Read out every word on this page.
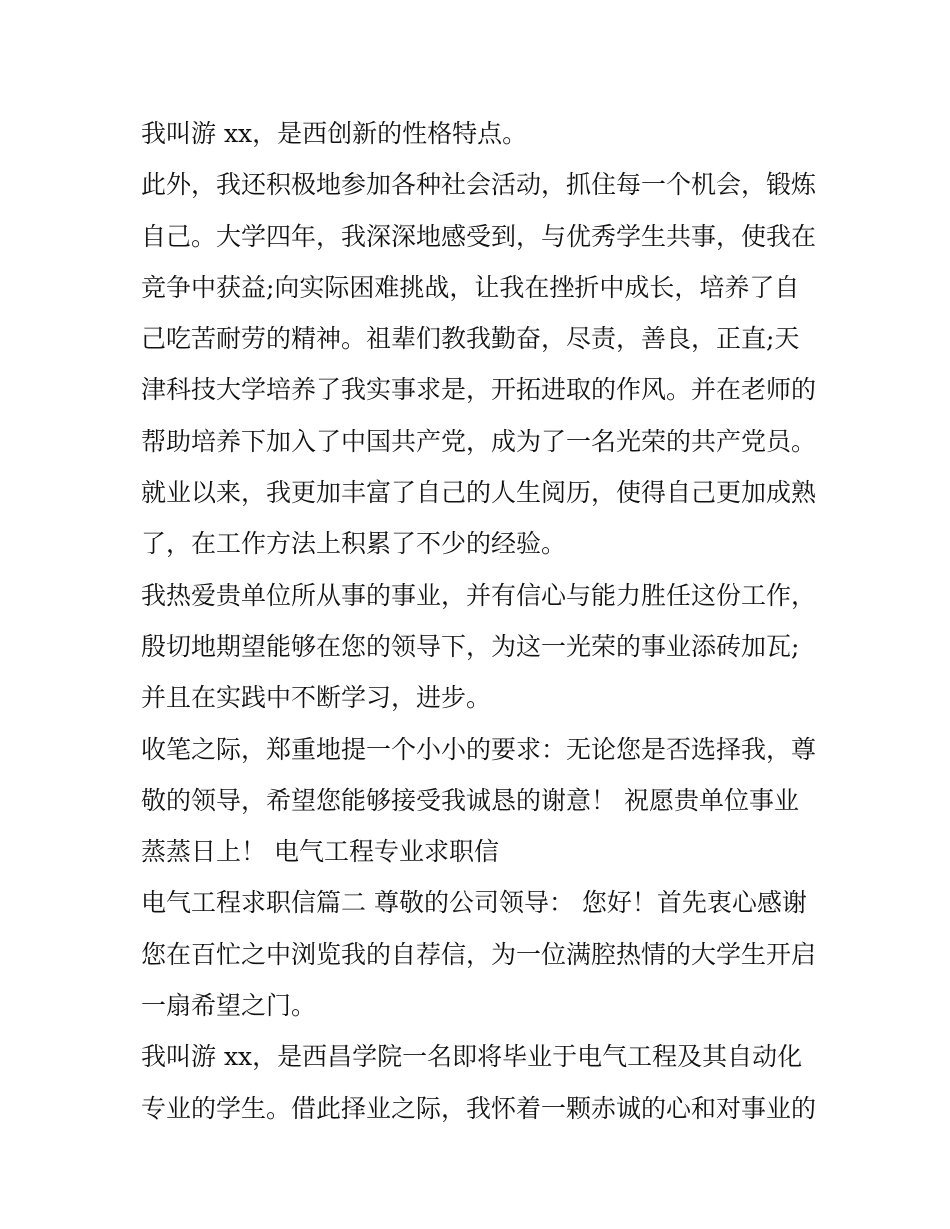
我叫游 xx，是西创新的性格特点。
此外，我还积极地参加各种社会活动，抓住每一个机会，锻炼
自己。大学四年，我深深地感受到，与优秀学生共事，使我在
竞争中获益;向实际困难挑战，让我在挫折中成长，培养了自
己吃苦耐劳的精神。祖辈们教我勤奋，尽责，善良，正直;天
津科技大学培养了我实事求是，开拓进取的作风。并在老师的
帮助培养下加入了中国共产党，成为了一名光荣的共产党员。
就业以来，我更加丰富了自己的人生阅历，使得自己更加成熟
了，在工作方法上积累了不少的经验。
我热爱贵单位所从事的事业，并有信心与能力胜任这份工作，
殷切地期望能够在您的领导下，为这一光荣的事业添砖加瓦;
并且在实践中不断学习，进步。
收笔之际，郑重地提一个小小的要求：无论您是否选择我，尊
敬的领导，希望您能够接受我诚恳的谢意！ 祝愿贵单位事业
蒸蒸日上！ 电气工程专业求职信
电气工程求职信篇二 尊敬的公司领导： 您好！首先衷心感谢
您在百忙之中浏览我的自荐信，为一位满腔热情的大学生开启
一扇希望之门。
我叫游 xx，是西昌学院一名即将毕业于电气工程及其自动化
专业的学生。借此择业之际，我怀着一颗赤诚的心和对事业的
